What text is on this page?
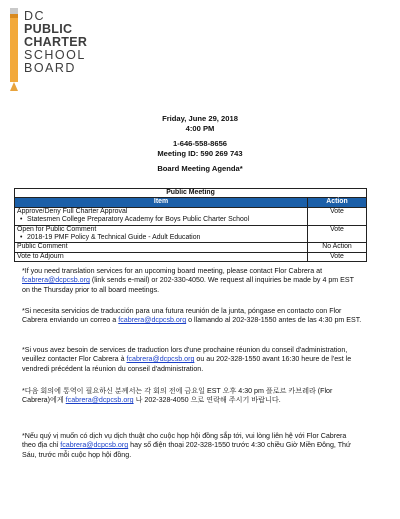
DC
PUBLIC
CHARTER
SCHOOL
BOARD
Friday, June 29, 2018
4:00 PM
1-646-558-8656
Meeting ID: 590 269 743
Board Meeting Agenda*
Public Meeting	
Item	Action

Approve/Deny Full Charter Approval
• Statesmen College Preparatory Academy for Boys Public Charter School	Vote

Open for Public Comment
• 2018-19 PMF Policy & Technical Guide - Adult Education	Vote
Public Comment	No Action
Vote to Adjourn	Vote
*If you need translation services for an upcoming board meeting, please contact Flor Cabrera at fcabrera@dcpcsb.org (link sends e-mail) or 202-330-4050. We request all inquiries be made by 4 pm EST on the Thursday prior to all board meetings.
*Si necesita servicios de traducción para una futura reunión de la junta, póngase en contacto con Flor Cabrera enviando un correo a fcabrera@dcpcsb.org o llamando al 202-328-1550 antes de las 4:30 pm EST.
*Si vous avez besoin de services de traduction lors d'une prochaine réunion du conseil d'administration, veuillez contacter Flor Cabrera à fcabrera@dcpcsb.org ou au 202-328-1550 avant 16:30 heure de l'est le vendredi précédent la réunion du conseil d'administration.
*다음 회의에 통역이 필요하신 분께서는 각 회의 전에 금요일 EST 오후 4:30 pm 플로르 카브레라 (Flor Cabrera)에게 fcabrera@dcpcsb.org 나 202-328-4050 으로 연락해 주시기 바랍니다.
*Nếu quý vị muốn có dịch vụ dịch thuật cho cuộc họp hội đồng sắp tới, vui lòng liên hệ với Flor Cabrera theo địa chỉ fcabrera@dcpcsb.org hay số điện thoại 202-328-1550 trước 4:30 chiều Giờ Miền Đông, Thứ Sáu, trước mỗi cuộc họp hội đồng.
